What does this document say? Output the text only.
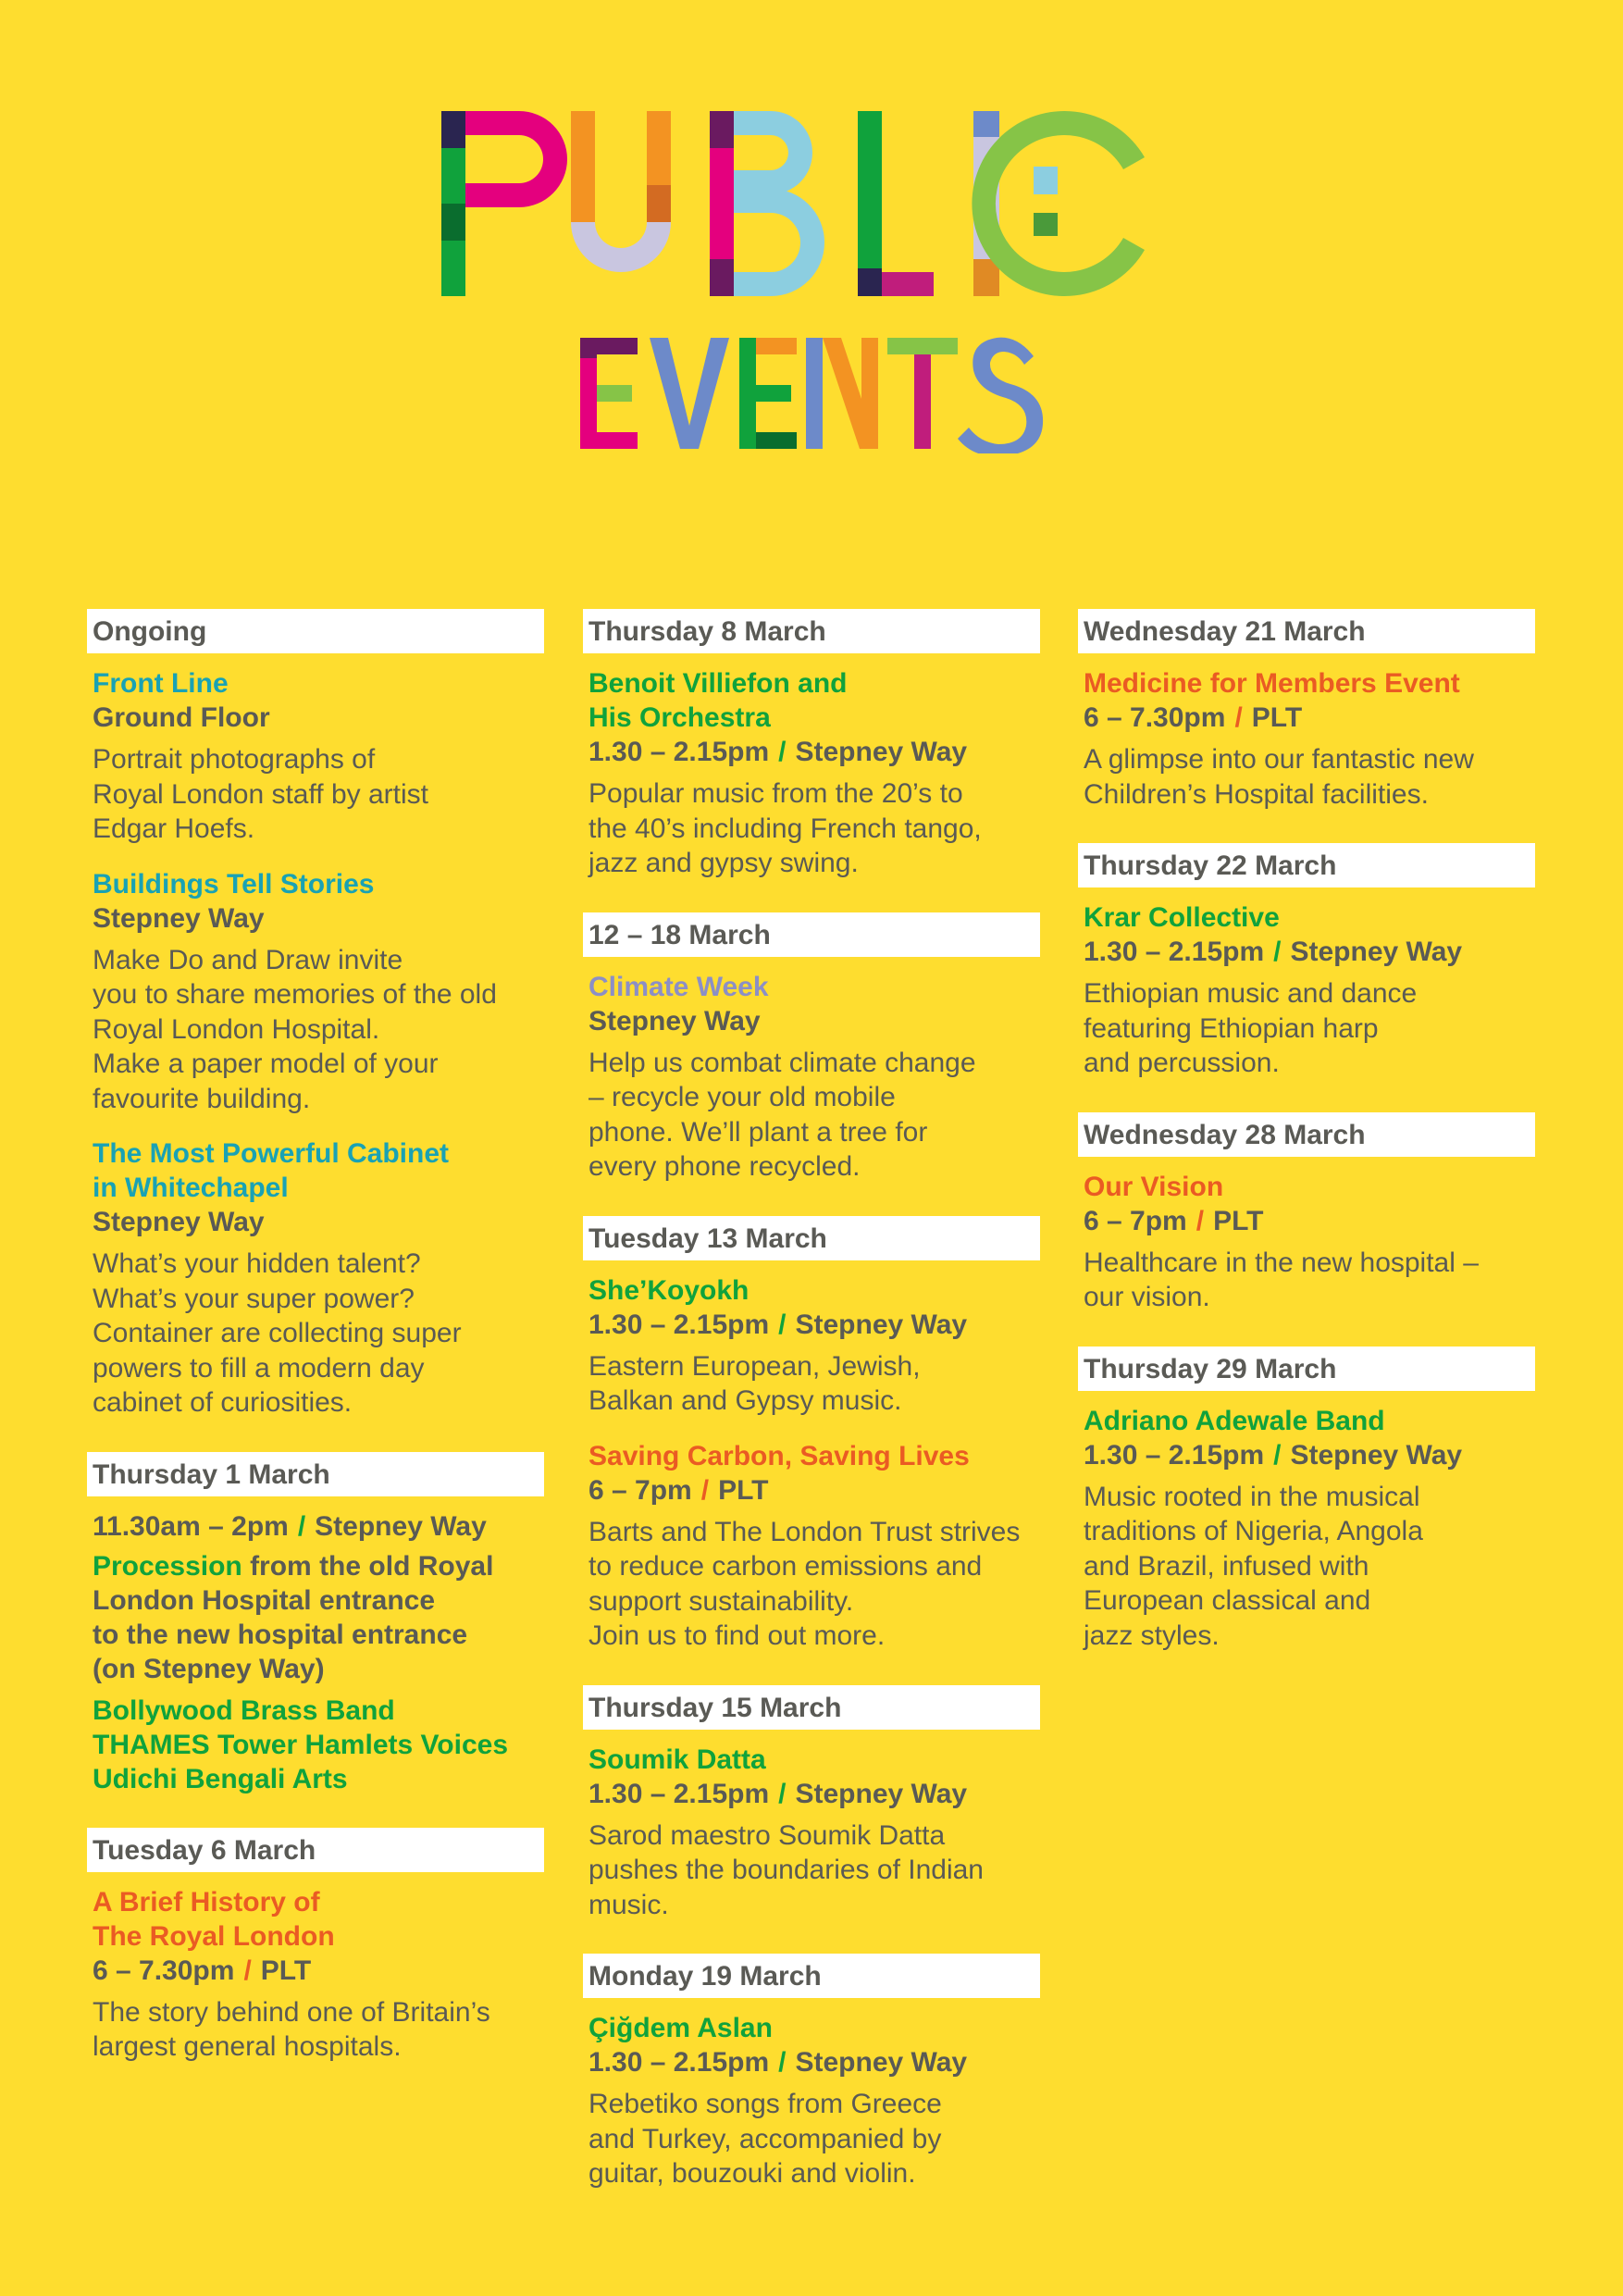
Ongoing
Front Line
Ground Floor
Portrait photographs of
Royal London staff by artist
Edgar Hoefs.
Buildings Tell Stories
Stepney Way
Make Do and Draw invite
you to share memories of the old
Royal London Hospital.
Make a paper model of your
favourite building.
The Most Powerful Cabinet
in Whitechapel
Stepney Way
What’s your hidden talent?
What’s your super power?
Container are collecting super
powers to fill a modern day
cabinet of curiosities.
Thursday 1 March
11.30am – 2pm / Stepney Way
Procession from the old Royal
London Hospital entrance
to the new hospital entrance
(on Stepney Way)
Bollywood Brass Band
THAMES Tower Hamlets Voices
Udichi Bengali Arts
Tuesday 6 March
A Brief History of
The Royal London
6 – 7.30pm / PLT
The story behind one of Britain’s
largest general hospitals.
Thursday 8 March
Benoit Villiefon and
His Orchestra
1.30 – 2.15pm / Stepney Way
Popular music from the 20’s to
the 40’s including French tango,
jazz and gypsy swing.
12 – 18 March
Climate Week
Stepney Way
Help us combat climate change
– recycle your old mobile
phone. We’ll plant a tree for
every phone recycled.
Tuesday 13 March
She’Koyokh
1.30 – 2.15pm / Stepney Way
Eastern European, Jewish,
Balkan and Gypsy music.
Saving Carbon, Saving Lives
6 – 7pm / PLT
Barts and The London Trust strives
to reduce carbon emissions and
support sustainability.
Join us to find out more.
Thursday 15 March
Soumik Datta
1.30 – 2.15pm / Stepney Way
Sarod maestro Soumik Datta
pushes the boundaries of Indian
music.
Monday 19 March
Çiğdem Aslan
1.30 – 2.15pm / Stepney Way
Rebetiko songs from Greece
and Turkey, accompanied by
guitar, bouzouki and violin.
Wednesday 21 March
Medicine for Members Event
6 – 7.30pm / PLT
A glimpse into our fantastic new
Children’s Hospital facilities.
Thursday 22 March
Krar Collective
1.30 – 2.15pm / Stepney Way
Ethiopian music and dance
featuring Ethiopian harp
and percussion.
Wednesday 28 March
Our Vision
6 – 7pm / PLT
Healthcare in the new hospital –
our vision.
Thursday 29 March
Adriano Adewale Band
1.30 – 2.15pm / Stepney Way
Music rooted in the musical
traditions of Nigeria, Angola
and Brazil, infused with
European classical and
jazz styles.
